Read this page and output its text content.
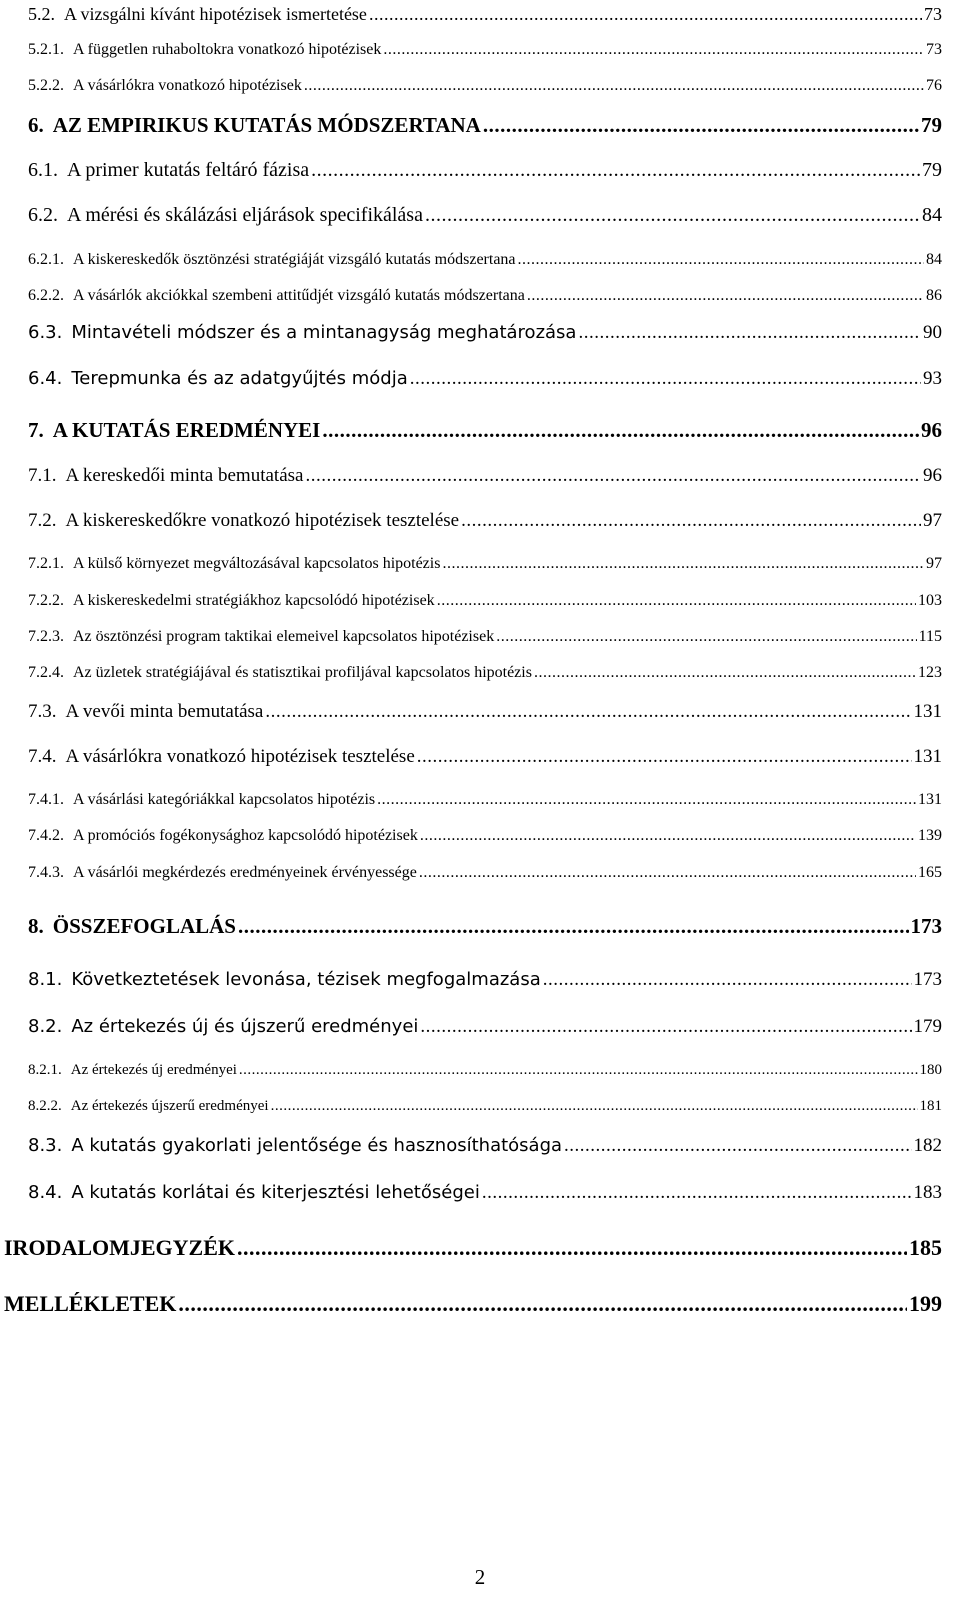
5.2. A vizsgálni kívánt hipotézisek ismertetése .....	73
5.2.1. A független ruhaboltokra vonatkozó hipotézisek .....	73
5.2.2. A vásárlókra vonatkozó hipotézisek .....	76
6. AZ EMPIRIKUS KUTATÁS MÓDSZERTANA .....	79
6.1. A primer kutatás feltáró fázisa .....	79
6.2. A mérési és skálázási eljárások specifikálása .....	84
6.2.1. A kiskereskedők ösztönzési stratégiáját vizsgáló kutatás módszertana .....	84
6.2.2. A vásárlók akciókkal szembeni attitűdjét vizsgáló kutatás módszertana .....	86
6.3. Mintavételi módszer és a mintanagyság meghatározása .....	90
6.4. Terepmunka és az adatgyűjtés módja .....	93
7. A KUTATÁS EREDMÉNYEI .....	96
7.1. A kereskedői minta bemutatása .....	96
7.2. A kiskereskedőkre vonatkozó hipotézisek tesztelése .....	97
7.2.1. A külső környezet megváltozásával kapcsolatos hipotézis .....	97
7.2.2. A kiskereskedelmi stratégiákhoz kapcsolódó hipotézisek .....	103
7.2.3. Az ösztönzési program taktikai elemeivel kapcsolatos hipotézisek .....	115
7.2.4. Az üzletek stratégiájával és statisztikai profiljával kapcsolatos hipotézis .....	123
7.3. A vevői minta bemutatása .....	131
7.4. A vásárlókra vonatkozó hipotézisek tesztelése .....	131
7.4.1. A vásárlási kategóriákkal kapcsolatos hipotézis .....	131
7.4.2. A promóciós fogékonysághoz kapcsolódó hipotézisek .....	139
7.4.3. A vásárlói megkérdezés eredményeinek érvényessége .....	165
8. ÖSSZEFOGLALÁS .....	173
8.1. Következtetések levonása, tézisek megfogalmazása .....	173
8.2. Az értekezés új és újszerű eredményei .....	179
8.2.1. Az értekezés új eredményei .....	180
8.2.2. Az értekezés újszerű eredményei .....	181
8.3. A kutatás gyakorlati jelentősége és hasznosíthatósága .....	182
8.4. A kutatás korlátai és kiterjesztési lehetőségei .....	183
IRODALOMJEGYZÉK .....	185
MELLÉKLETEK .....	199
2
